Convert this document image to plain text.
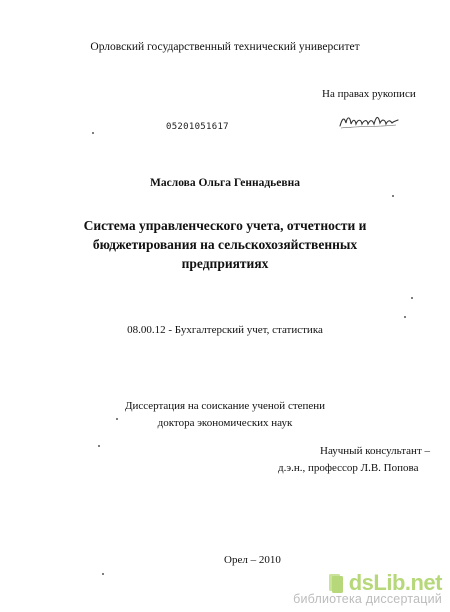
Орловский государственный технический университет
На правах рукописи
05201051617
Маслова Ольга Геннадьевна
Система управленческого учета, отчетности и
бюджетирования на сельскохозяйственных
предприятиях
08.00.12 - Бухгалтерский учет, статистика
Диссертация на соискание ученой степени
доктора экономических наук
Научный консультант –
д.э.н., профессор Л.В. Попова
Орел – 2010
dsLib.net
библиотека диссертаций
